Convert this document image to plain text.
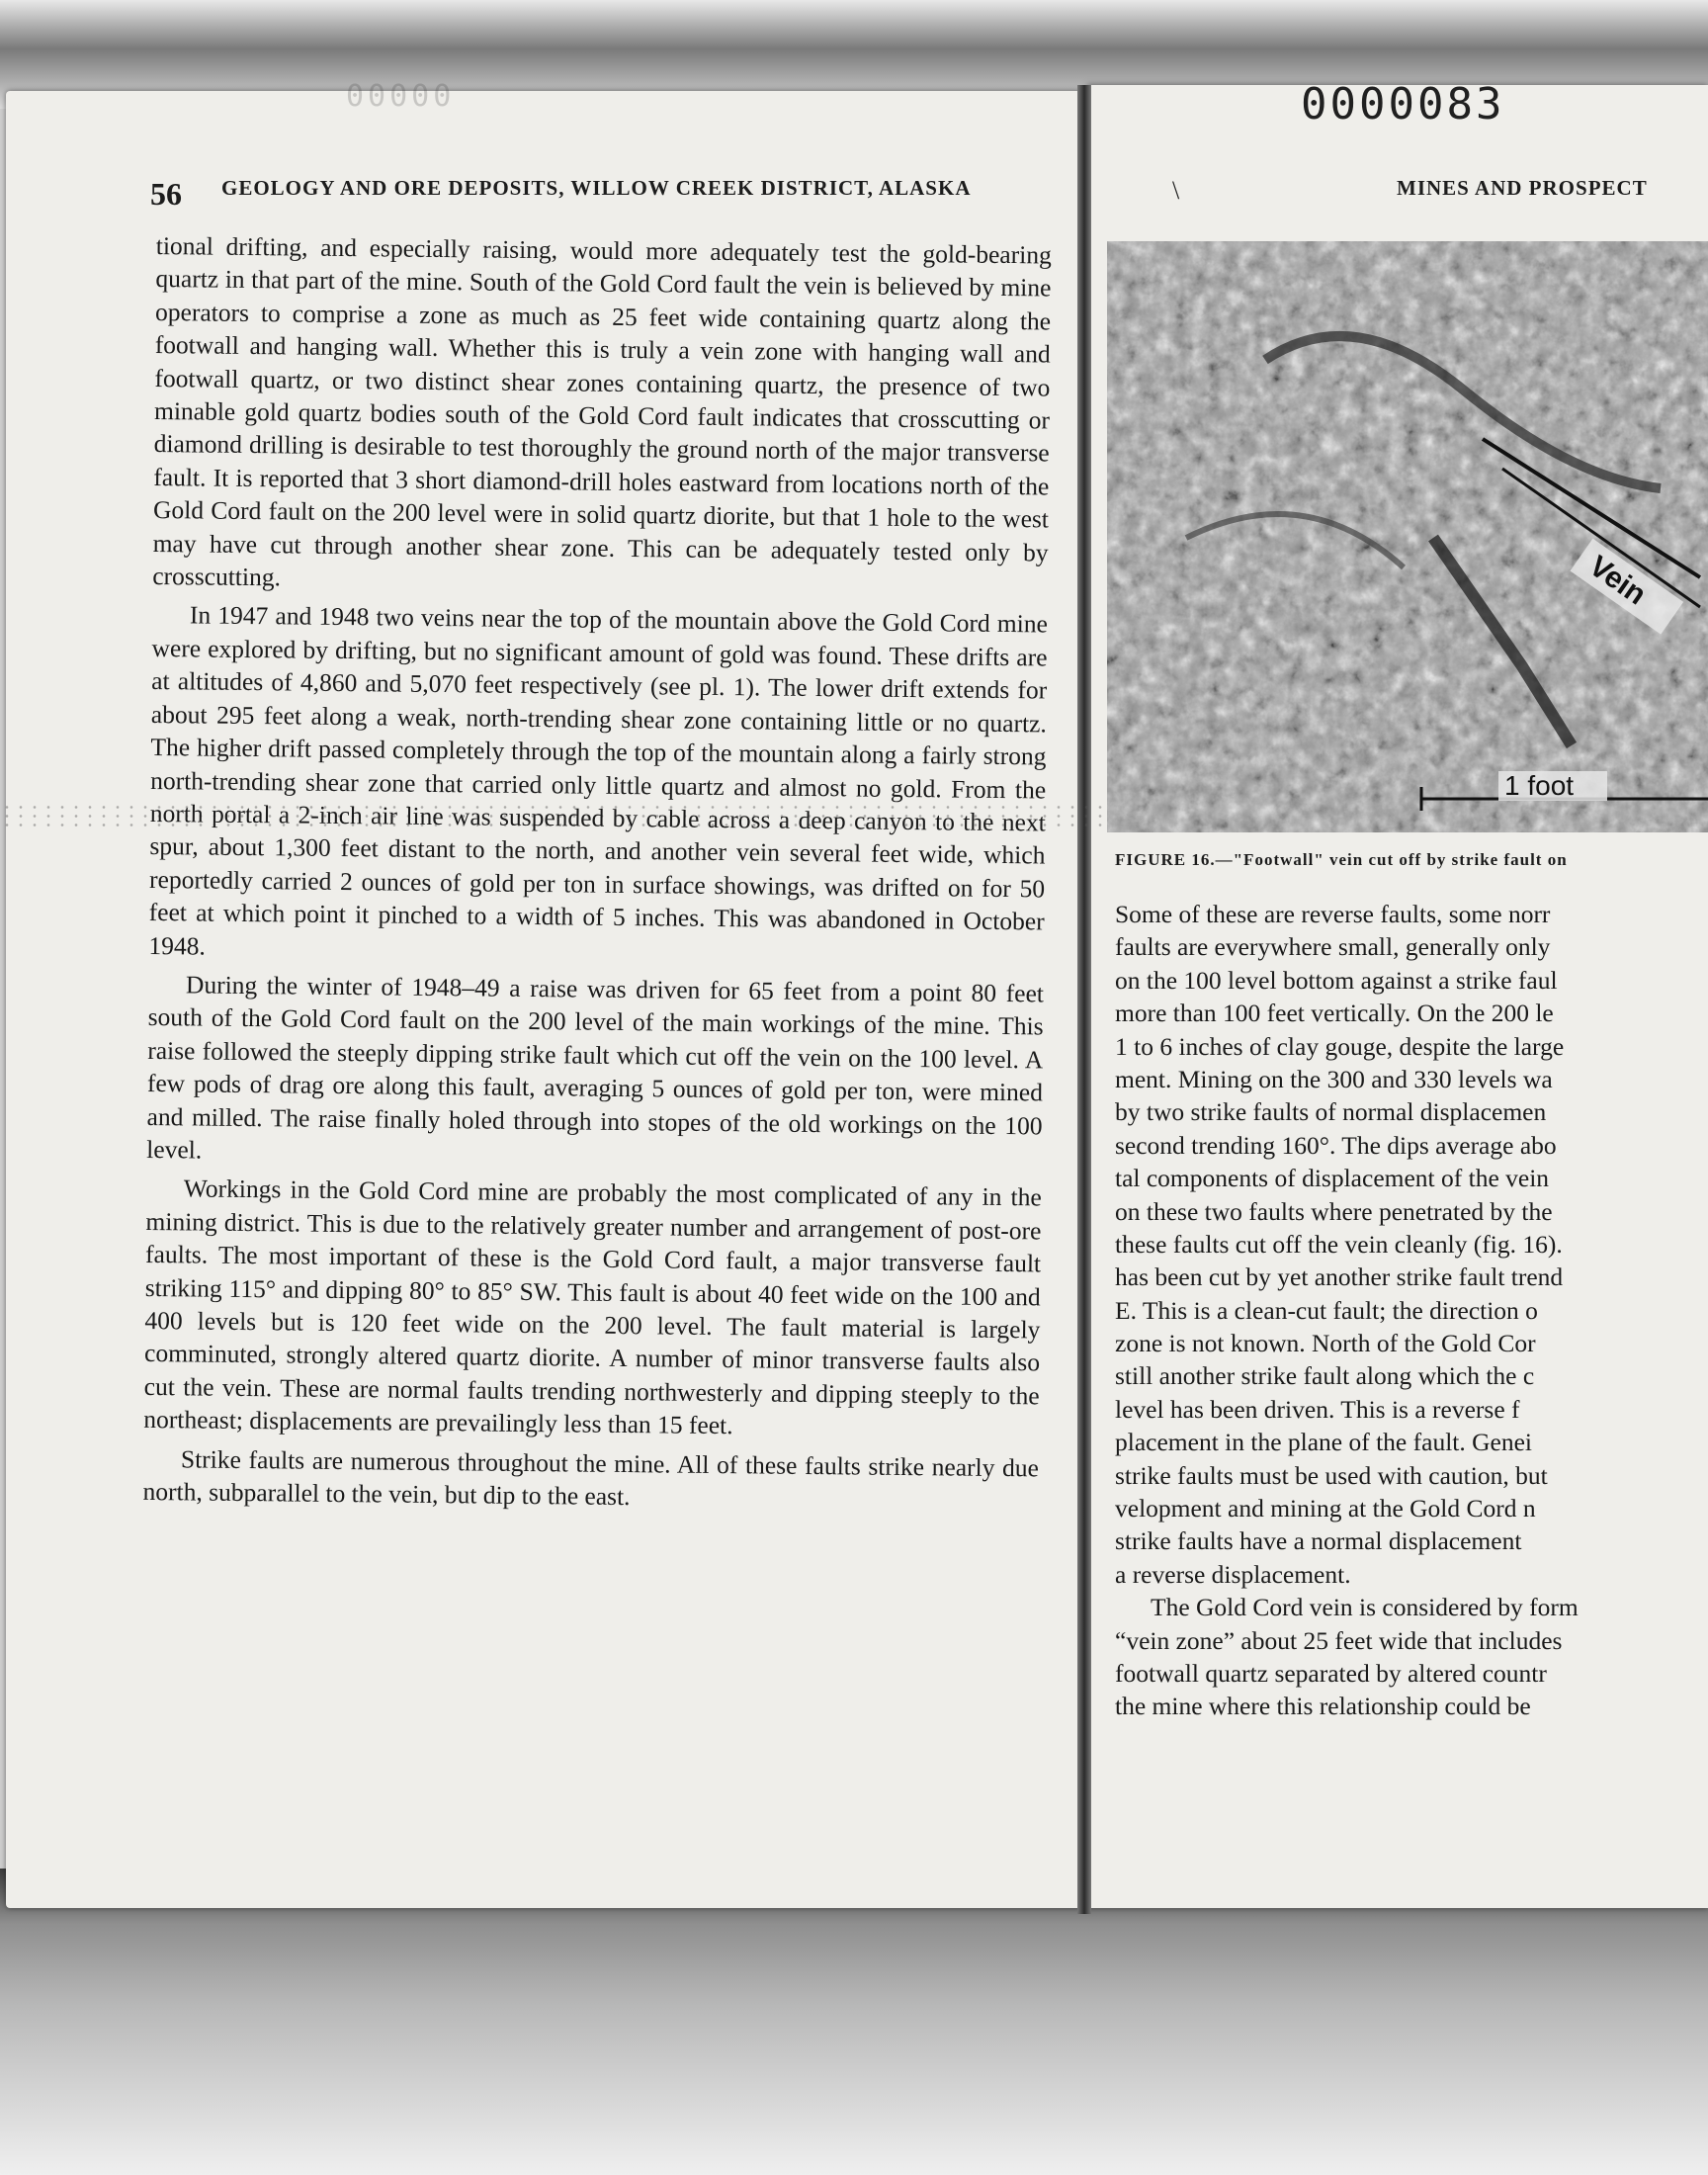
00000	0000083
56 GEOLOGY AND ORE DEPOSITS, WILLOW CREEK DISTRICT, ALASKA	\	MINES AND PROSPECT

tional drifting, and especially raising, would more adequately test the gold-bearing quartz in that part of the mine. South of the Gold Cord fault the vein is believed by mine operators to comprise a zone as much as 25 feet wide containing quartz along the footwall and hanging wall. Whether this is truly a vein zone with hanging wall and footwall quartz, or two distinct shear zones containing quartz, the presence of two minable gold quartz bodies south of the Gold Cord fault indicates that crosscutting or diamond drilling is desirable to test thoroughly the ground north of the major transverse fault. It is reported that 3 short diamond-drill holes eastward from locations north of the Gold Cord fault on the 200 level were in solid quartz diorite, but that 1 hole to the west may have cut through another shear zone. This can be adequately tested only by crosscutting.

In 1947 and 1948 two veins near the top of the mountain above the Gold Cord mine were explored by drifting, but no significant amount of gold was found. These drifts are at altitudes of 4,860 and 5,070 feet respectively (see pl. 1). The lower drift extends for about 295 feet along a weak, north-trending shear zone containing little or no quartz. The higher drift passed completely through the top of the mountain along a fairly strong north-trending shear zone that carried only little quartz and almost no gold. From the north portal a 2-inch air line was suspended by cable across a deep canyon to the next spur, about 1,300 feet distant to the north, and another vein several feet wide, which reportedly carried 2 ounces of gold per ton in surface showings, was drifted on for 50 feet at which point it pinched to a width of 5 inches. This was abandoned in October 1948.

During the winter of 1948–49 a raise was driven for 65 feet from a point 80 feet south of the Gold Cord fault on the 200 level of the main workings of the mine. This raise followed the steeply dipping strike fault which cut off the vein on the 100 level. A few pods of drag ore along this fault, averaging 5 ounces of gold per ton, were mined and milled. The raise finally holed through into stopes of the old workings on the 100 level.

Workings in the Gold Cord mine are probably the most complicated of any in the mining district. This is due to the relatively greater number and arrangement of post-ore faults. The most important of these is the Gold Cord fault, a major transverse fault striking 115° and dipping 80° to 85° SW. This fault is about 40 feet wide on the 100 and 400 levels but is 120 feet wide on the 200 level. The fault material is largely comminuted, strongly altered quartz diorite. A number of minor transverse faults also cut the vein. These are normal faults trending northwesterly and dipping steeply to the northeast; displacements are prevailingly less than 15 feet.

Strike faults are numerous throughout the mine. All of these faults strike nearly due north, subparallel to the vein, but dip to the east.

Vein
1 foot
FIGURE 16.—"Footwall" vein cut off by strike fault on
Some of these are reverse faults, some norr
faults are everywhere small, generally only
on the 100 level bottom against a strike faul
more than 100 feet vertically. On the 200 le
1 to 6 inches of clay gouge, despite the large
ment. Mining on the 300 and 330 levels wa
by two strike faults of normal displacemen
second trending 160°. The dips average abo
tal components of displacement of the vein
on these two faults where penetrated by the
these faults cut off the vein cleanly (fig. 16).
has been cut by yet another strike fault trend
E. This is a clean-cut fault; the direction o
zone is not known. North of the Gold Cor
still another strike fault along which the c
level has been driven. This is a reverse f
placement in the plane of the fault. Genei
strike faults must be used with caution, but
velopment and mining at the Gold Cord n
strike faults have a normal displacement
a reverse displacement.
The Gold Cord vein is considered by form
“vein zone” about 25 feet wide that includes
footwall quartz separated by altered countr
the mine where this relationship could be
